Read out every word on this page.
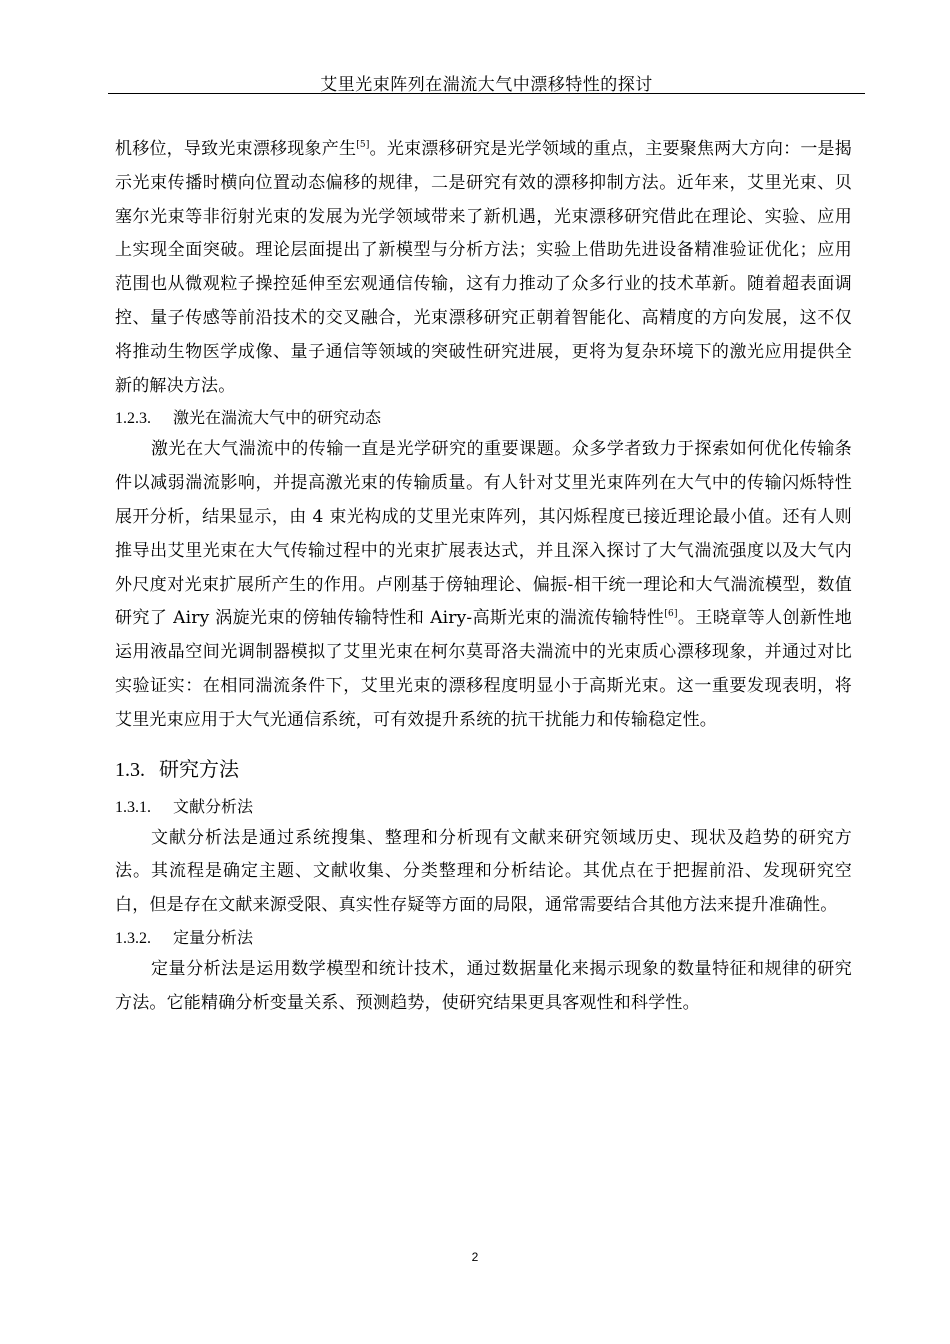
艾里光束阵列在湍流大气中漂移特性的探讨

机移位，导致光束漂移现象产生[5]。光束漂移研究是光学领域的重点，主要聚焦两大方向：一是揭示光束传播时横向位置动态偏移的规律，二是研究有效的漂移抑制方法。近年来，艾里光束、贝塞尔光束等非衍射光束的发展为光学领域带来了新机遇，光束漂移研究借此在理论、实验、应用上实现全面突破。理论层面提出了新模型与分析方法；实验上借助先进设备精准验证优化；应用范围也从微观粒子操控延伸至宏观通信传输，这有力推动了众多行业的技术革新。随着超表面调控、量子传感等前沿技术的交叉融合，光束漂移研究正朝着智能化、高精度的方向发展，这不仅将推动生物医学成像、量子通信等领域的突破性研究进展，更将为复杂环境下的激光应用提供全新的解决方法。

1.2.3. 激光在湍流大气中的研究动态

激光在大气湍流中的传输一直是光学研究的重要课题。众多学者致力于探索如何优化传输条件以减弱湍流影响，并提高激光束的传输质量。有人针对艾里光束阵列在大气中的传输闪烁特性展开分析，结果显示，由 4 束光构成的艾里光束阵列，其闪烁程度已接近理论最小值。还有人则推导出艾里光束在大气传输过程中的光束扩展表达式，并且深入探讨了大气湍流强度以及大气内外尺度对光束扩展所产生的作用。卢刚基于傍轴理论、偏振-相干统一理论和大气湍流模型，数值研究了 Airy 涡旋光束的傍轴传输特性和 Airy-高斯光束的湍流传输特性[6]。王晓章等人创新性地运用液晶空间光调制器模拟了艾里光束在柯尔莫哥洛夫湍流中的光束质心漂移现象，并通过对比实验证实：在相同湍流条件下，艾里光束的漂移程度明显小于高斯光束。这一重要发现表明，将艾里光束应用于大气光通信系统，可有效提升系统的抗干扰能力和传输稳定性。

1.3. 研究方法
1.3.1. 文献分析法

文献分析法是通过系统搜集、整理和分析现有文献来研究领域历史、现状及趋势的研究方法。其流程是确定主题、文献收集、分类整理和分析结论。其优点在于把握前沿、发现研究空白，但是存在文献来源受限、真实性存疑等方面的局限，通常需要结合其他方法来提升准确性。

1.3.2. 定量分析法

定量分析法是运用数学模型和统计技术，通过数据量化来揭示现象的数量特征和规律的研究方法。它能精确分析变量关系、预测趋势，使研究结果更具客观性和科学性。

2
